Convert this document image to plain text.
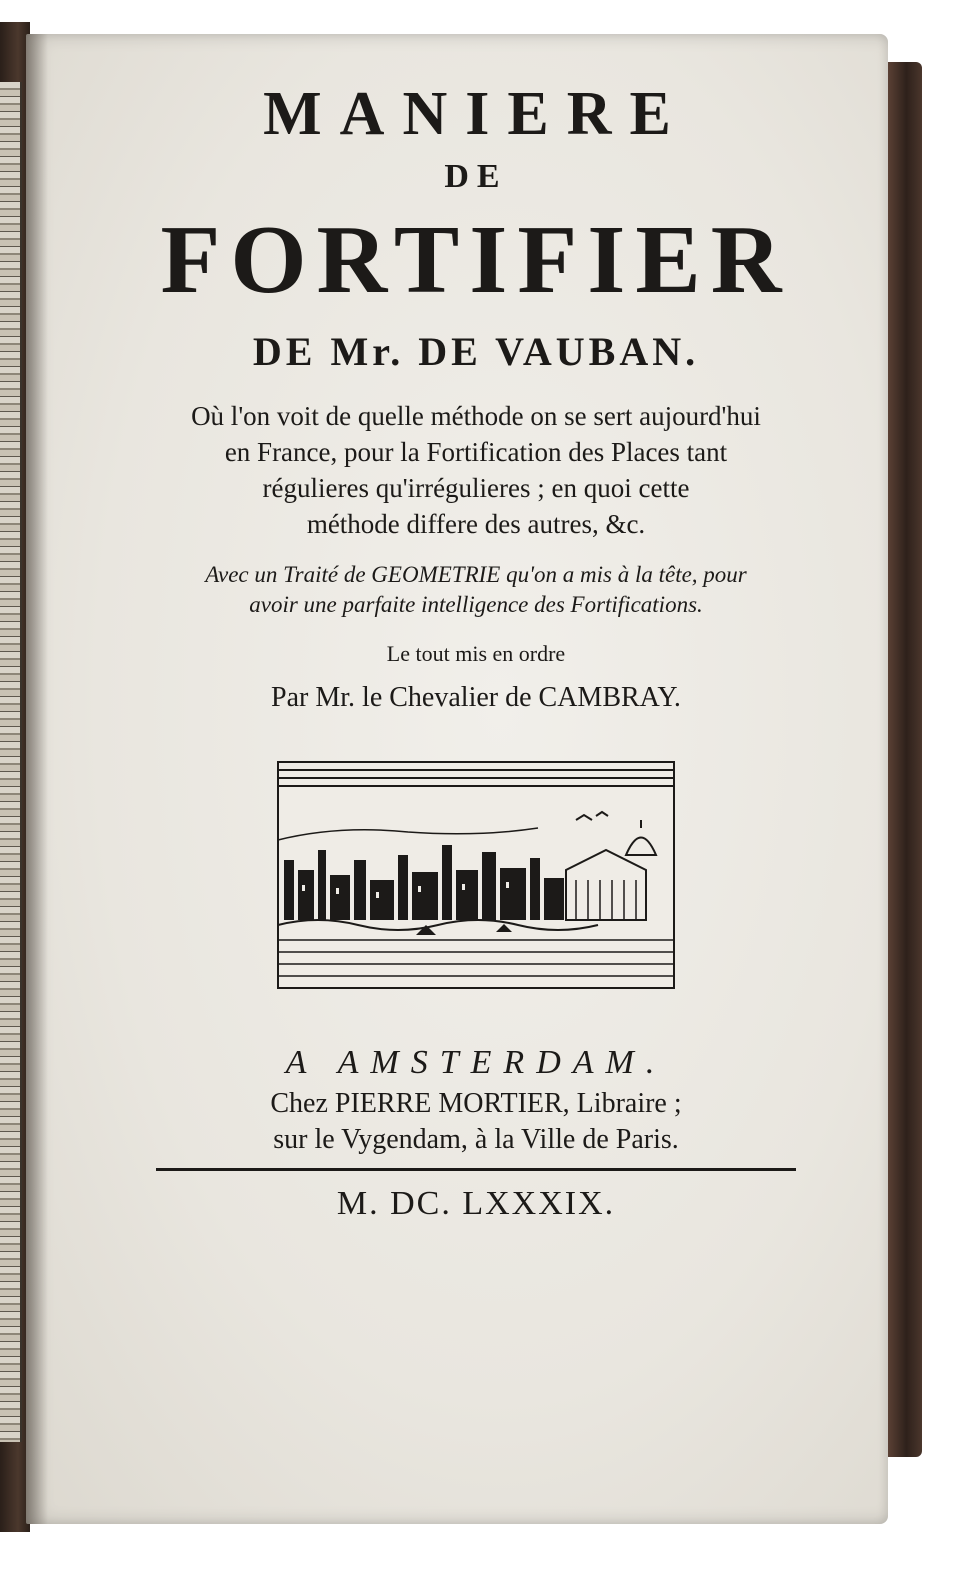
MANIERE
DE
FORTIFIER
DE Mr. DE VAUBAN.
Où l'on voit de quelle méthode on se sert aujourd'hui
en France, pour la Fortification des Places tant
régulieres qu'irrégulieres ; en quoi cette
méthode differe des autres, &c.
Avec un Traité de GEOMETRIE qu'on a mis à la tête, pour
avoir une parfaite intelligence des Fortifications.
Le tout mis en ordre
Par Mr. le Chevalier de CAMBRAY.
A AMSTERDAM.
Chez PIERRE MORTIER, Libraire ;
sur le Vygendam, à la Ville de Paris.
M. DC. LXXXIX.
